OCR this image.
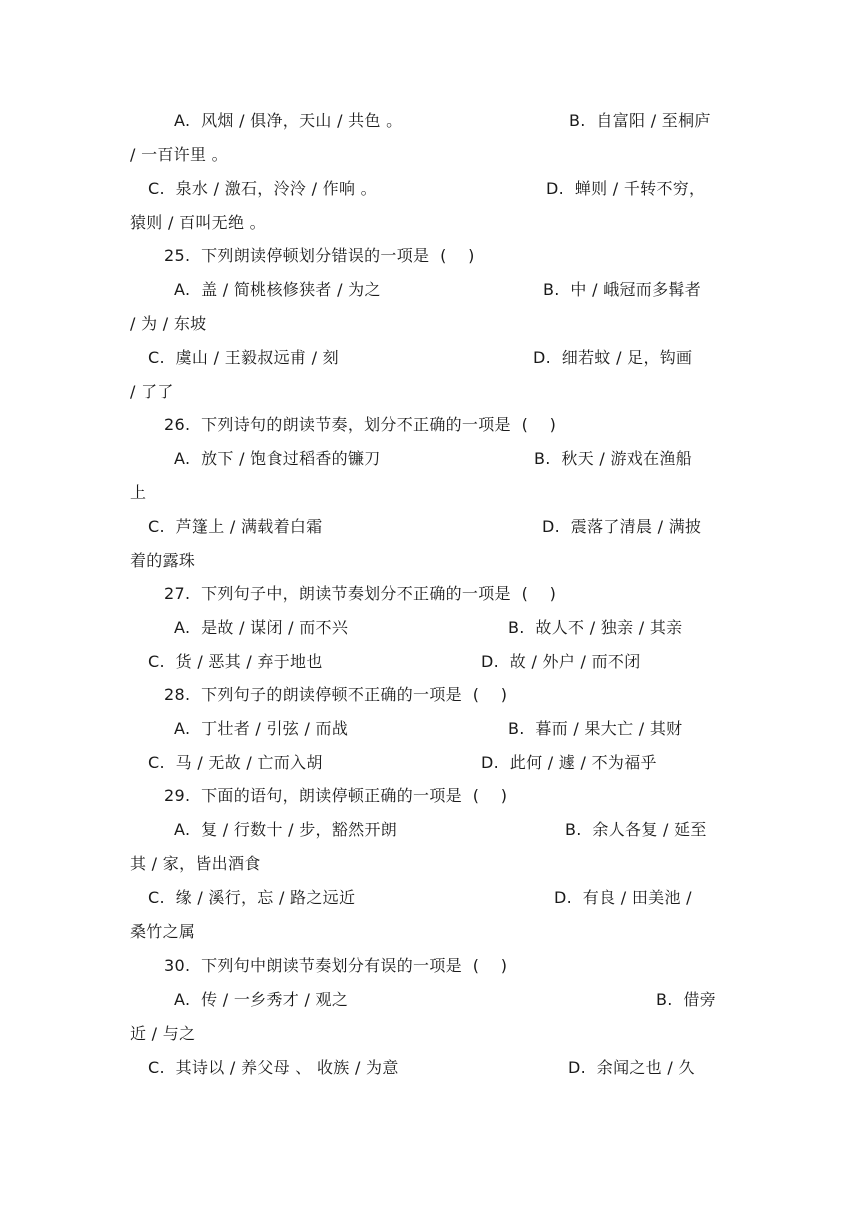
A.  风烟 / 俱净，天山 / 共色 。	B.  自富阳 / 至桐庐
/ 一百许里 。
C.  泉水 / 激石，泠泠 / 作响 。	D.  蝉则 / 千转不穷，
猿则 / 百叫无绝 。
25.  下列朗读停顿划分错误的一项是  (    )
A.  盖 / 简桃核修狭者 / 为之	B.  中 / 峨冠而多髯者
/ 为 / 东坡
C.  虞山 / 王毅叔远甫 / 刻	D.  细若蚊 / 足，钩画
/ 了了
26.  下列诗句的朗读节奏，划分不正确的一项是  (    )
A.  放下 / 饱食过稻香的镰刀	B.  秋天 / 游戏在渔船
上
C.  芦篷上 / 满载着白霜	D.  震落了清晨 / 满披
着的露珠
27.  下列句子中，朗读节奏划分不正确的一项是  (    )
A.  是故 / 谋闭 / 而不兴	B.  故人不 / 独亲 / 其亲
C.  货 / 恶其 / 弃于地也	D.  故 / 外户 / 而不闭
28.  下列句子的朗读停顿不正确的一项是  (    )
A.  丁壮者 / 引弦 / 而战	B.  暮而 / 果大亡 / 其财
C.  马 / 无故 / 亡而入胡	D.  此何 / 遽 / 不为福乎
29.  下面的语句，朗读停顿正确的一项是  (    )
A.  复 / 行数十 / 步，豁然开朗	B.  余人各复 / 延至
其 / 家，皆出酒食
C.  缘 / 溪行，忘 / 路之远近	D.  有良 / 田美池 /
桑竹之属
30.  下列句中朗读节奏划分有误的一项是  (    )
A.  传 / 一乡秀才 / 观之	B.  借旁
近 / 与之
C.  其诗以 / 养父母 、 收族 / 为意	D.  余闻之也 / 久
